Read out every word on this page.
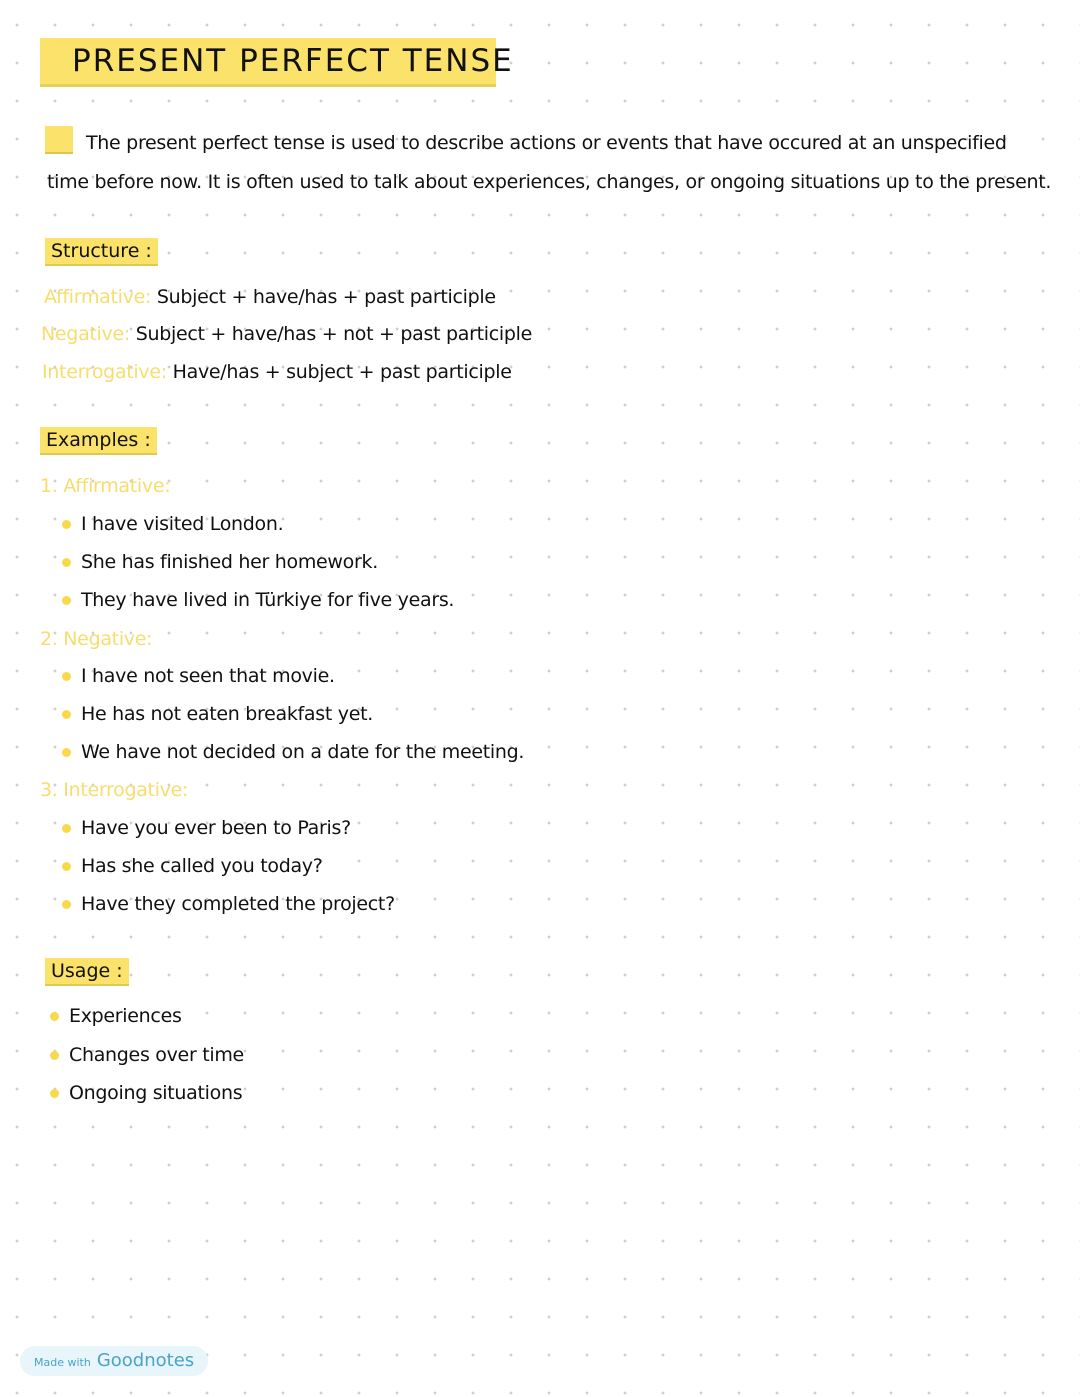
PRESENT PERFECT TENSE
The present perfect tense is used to describe actions or events that have occured at an unspecified
time before now. It is often used to talk about experiences, changes, or ongoing situations up to the present.
Structure :
Affirmative: Subject + have/has + past participle
Negative: Subject + have/has + not + past participle
Interrogative: Have/has + subject + past participle
Examples :
1. Affirmative:
I have visited London.
She has finished her homework.
They have lived in Türkiye for five years.
2. Negative:
I have not seen that movie.
He has not eaten breakfast yet.
We have not decided on a date for the meeting.
3. Interrogative:
Have you ever been to Paris?
Has she called you today?
Have they completed the project?
Usage :
Experiences
Changes over time
Ongoing situations
Made with Goodnotes
